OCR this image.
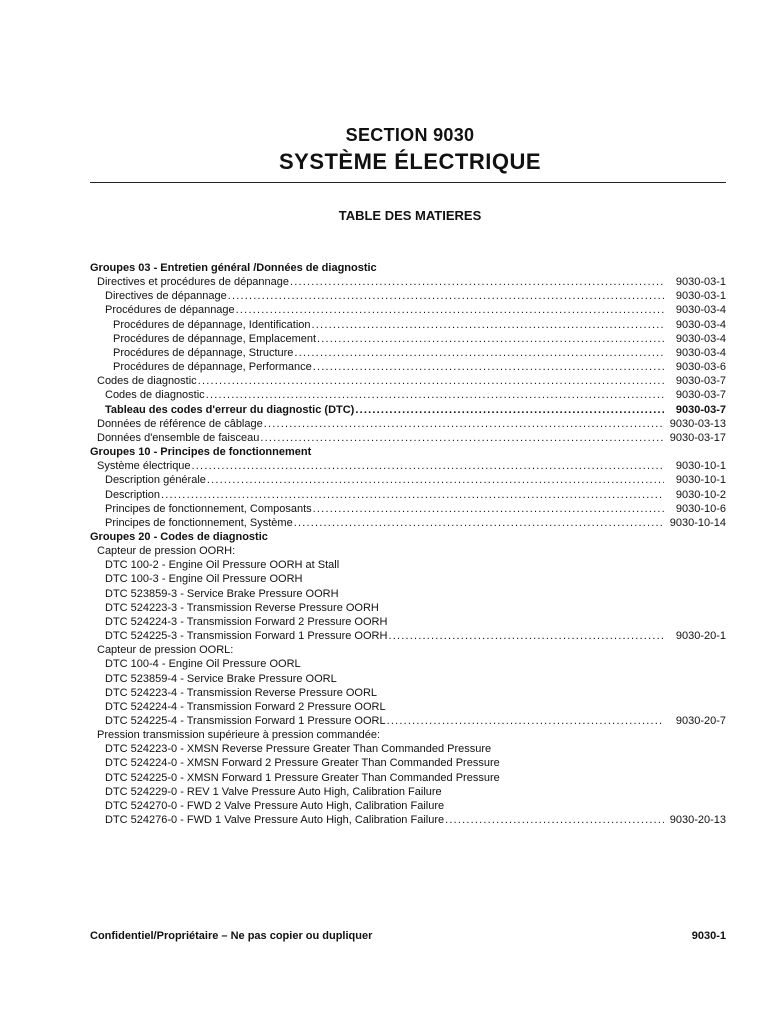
SECTION 9030
SYSTÈME ÉLECTRIQUE
TABLE DES MATIERES
Groupes 03 - Entretien général /Données de diagnostic
Directives et procédures de dépannage .....	9030-03-1
Directives de dépannage .....	9030-03-1
Procédures de dépannage .....	9030-03-4
Procédures de dépannage, Identification .....	9030-03-4
Procédures de dépannage, Emplacement .....	9030-03-4
Procédures de dépannage, Structure .....	9030-03-4
Procédures de dépannage, Performance .....	9030-03-6
Codes de diagnostic .....	9030-03-7
Codes de diagnostic .....	9030-03-7
Tableau des codes d'erreur du diagnostic (DTC) .....	9030-03-7
Données de référence de câblage .....	9030-03-13
Données d'ensemble de faisceau .....	9030-03-17
Groupes 10 - Principes de fonctionnement
Système électrique .....	9030-10-1
Description générale .....	9030-10-1
Description .....	9030-10-2
Principes de fonctionnement, Composants .....	9030-10-6
Principes de fonctionnement, Système .....	9030-10-14
Groupes 20 - Codes de diagnostic
Capteur de pression OORH:
DTC 100-2 - Engine Oil Pressure OORH at Stall
DTC 100-3 - Engine Oil Pressure OORH
DTC 523859-3 - Service Brake Pressure OORH
DTC 524223-3 - Transmission Reverse Pressure OORH
DTC 524224-3 - Transmission Forward 2 Pressure OORH
DTC 524225-3 - Transmission Forward 1 Pressure OORH .....	9030-20-1
Capteur de pression OORL:
DTC 100-4 - Engine Oil Pressure OORL
DTC 523859-4 - Service Brake Pressure OORL
DTC 524223-4 - Transmission Reverse Pressure OORL
DTC 524224-4 - Transmission Forward 2 Pressure OORL
DTC 524225-4 - Transmission Forward 1 Pressure OORL .....	9030-20-7
Pression transmission supérieure à pression commandée:
DTC 524223-0 - XMSN Reverse Pressure Greater Than Commanded Pressure
DTC 524224-0 - XMSN Forward 2 Pressure Greater Than Commanded Pressure
DTC 524225-0 - XMSN Forward 1 Pressure Greater Than Commanded Pressure
DTC 524229-0 - REV 1 Valve Pressure Auto High, Calibration Failure
DTC 524270-0 - FWD 2 Valve Pressure Auto High, Calibration Failure
DTC 524276-0 - FWD 1 Valve Pressure Auto High, Calibration Failure .....	9030-20-13
Confidentiel/Propriétaire – Ne pas copier ou dupliquer	9030-1
